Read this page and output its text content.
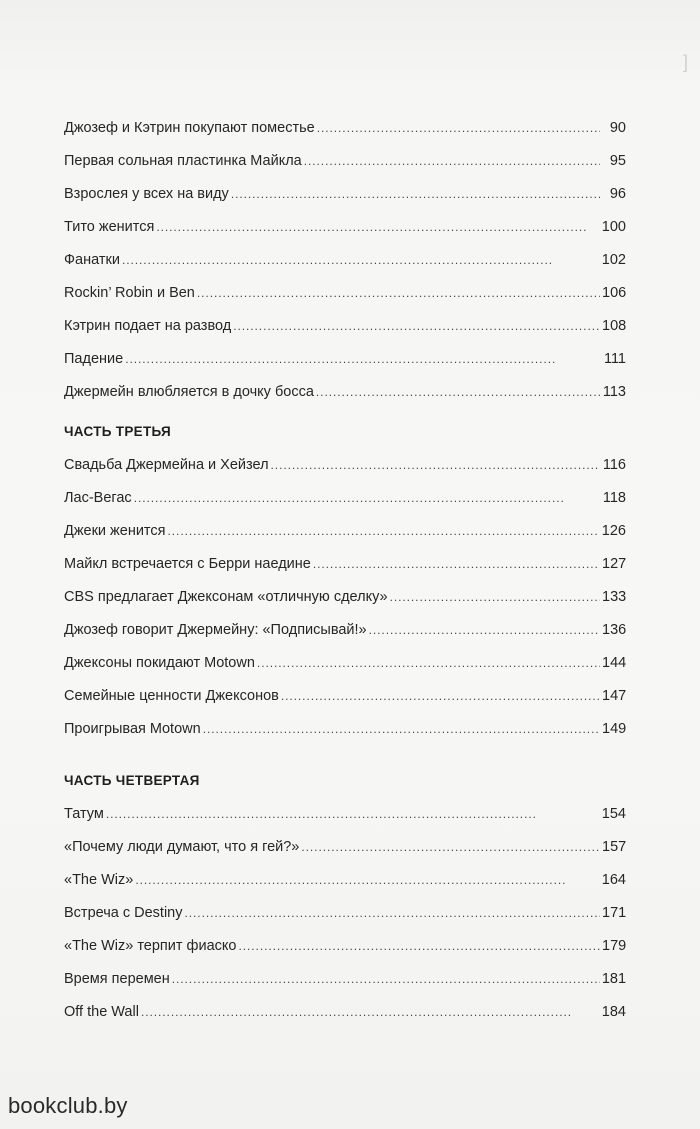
]
Джозеф и Кэтрин покупают поместье . . .	90
Первая сольная пластинка Майкла . . .	95
Взрослея у всех на виду . . .	96
Тито женится . . .	100
Фанатки . . .	102
Rockin’ Robin и Ben . . .	106
Кэтрин подает на развод . . .	108
Падение . . .	111
Джермейн влюбляется в дочку босса . . .	113
ЧАСТЬ ТРЕТЬЯ
Свадьба Джермейна и Хейзел . . .	116
Лас-Вегас . . .	118
Джеки женится . . .	126
Майкл встречается с Берри наедине . . .	127
CBS предлагает Джексонам «отличную сделку» . . .	133
Джозеф говорит Джермейну: «Подписывай!» . . .	136
Джексоны покидают Motown . . .	144
Семейные ценности Джексонов . . .	147
Проигрывая Motown . . .	149
ЧАСТЬ ЧЕТВЕРТАЯ
Татум . . .	154
«Почему люди думают, что я гей?» . . .	157
«The Wiz» . . .	164
Встреча с Destiny . . .	171
«The Wiz» терпит фиаско . . .	179
Время перемен . . .	181
Off the Wall . . .	184
bookclub.by
